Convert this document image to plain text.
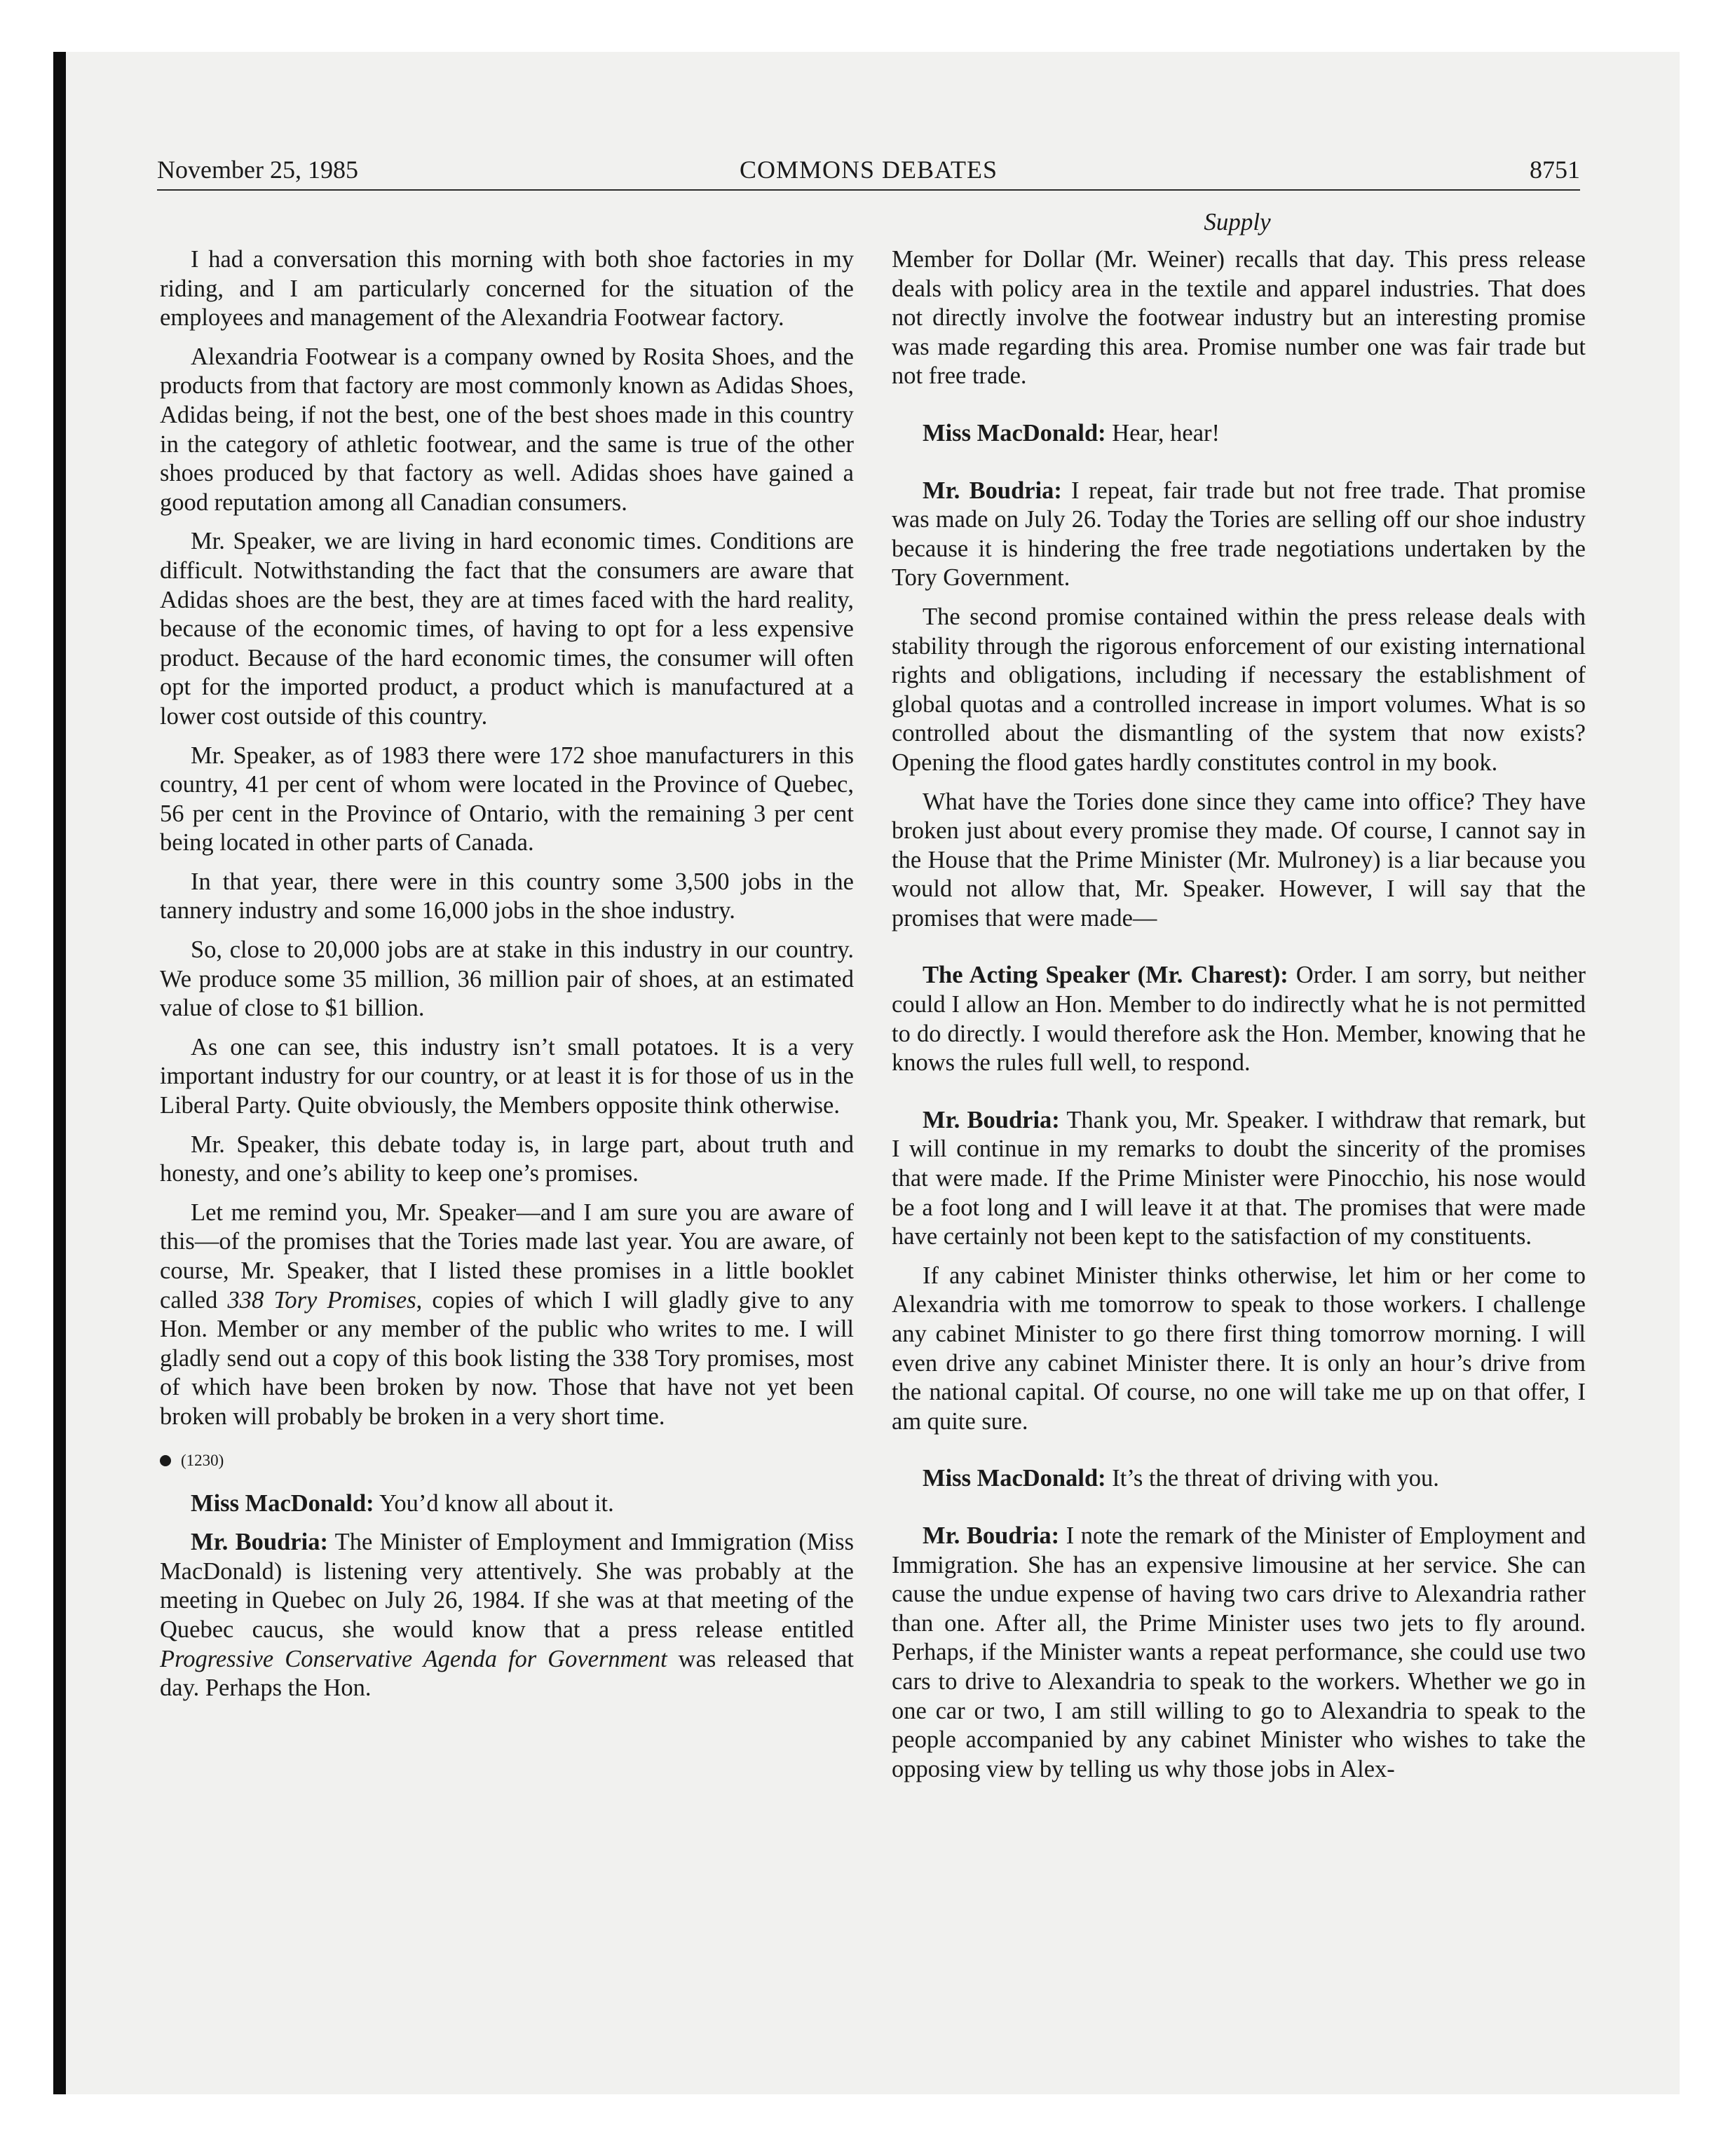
November 25, 1985	COMMONS DEBATES	8751
Supply

I had a conversation this morning with both shoe factories in my riding, and I am particularly concerned for the situation of the employees and management of the Alexandria Footwear factory.

Alexandria Footwear is a company owned by Rosita Shoes, and the products from that factory are most commonly known as Adidas Shoes, Adidas being, if not the best, one of the best shoes made in this country in the category of athletic footwear, and the same is true of the other shoes produced by that factory as well. Adidas shoes have gained a good reputation among all Canadian consumers.

Mr. Speaker, we are living in hard economic times. Conditions are difficult. Notwithstanding the fact that the consumers are aware that Adidas shoes are the best, they are at times faced with the hard reality, because of the economic times, of having to opt for a less expensive product. Because of the hard economic times, the consumer will often opt for the imported product, a product which is manufactured at a lower cost outside of this country.

Mr. Speaker, as of 1983 there were 172 shoe manufacturers in this country, 41 per cent of whom were located in the Province of Quebec, 56 per cent in the Province of Ontario, with the remaining 3 per cent being located in other parts of Canada.

In that year, there were in this country some 3,500 jobs in the tannery industry and some 16,000 jobs in the shoe industry.

So, close to 20,000 jobs are at stake in this industry in our country. We produce some 35 million, 36 million pair of shoes, at an estimated value of close to $1 billion.

As one can see, this industry isn’t small potatoes. It is a very important industry for our country, or at least it is for those of us in the Liberal Party. Quite obviously, the Members opposite think otherwise.

Mr. Speaker, this debate today is, in large part, about truth and honesty, and one’s ability to keep one’s promises.

Let me remind you, Mr. Speaker—and I am sure you are aware of this—of the promises that the Tories made last year. You are aware, of course, Mr. Speaker, that I listed these promises in a little booklet called 338 Tory Promises, copies of which I will gladly give to any Hon. Member or any member of the public who writes to me. I will gladly send out a copy of this book listing the 338 Tory promises, most of which have been broken by now. Those that have not yet been broken will probably be broken in a very short time.

(1230)

Miss MacDonald: You’d know all about it.

Mr. Boudria: The Minister of Employment and Immigration (Miss MacDonald) is listening very attentively. She was probably at the meeting in Quebec on July 26, 1984. If she was at that meeting of the Quebec caucus, she would know that a press release entitled Progressive Conservative Agenda for Government was released that day. Perhaps the Hon.

Member for Dollar (Mr. Weiner) recalls that day. This press release deals with policy area in the textile and apparel industries. That does not directly involve the footwear industry but an interesting promise was made regarding this area. Promise number one was fair trade but not free trade.

Miss MacDonald: Hear, hear!

Mr. Boudria: I repeat, fair trade but not free trade. That promise was made on July 26. Today the Tories are selling off our shoe industry because it is hindering the free trade negotiations undertaken by the Tory Government.

The second promise contained within the press release deals with stability through the rigorous enforcement of our existing international rights and obligations, including if necessary the establishment of global quotas and a controlled increase in import volumes. What is so controlled about the dismantling of the system that now exists? Opening the flood gates hardly constitutes control in my book.

What have the Tories done since they came into office? They have broken just about every promise they made. Of course, I cannot say in the House that the Prime Minister (Mr. Mulroney) is a liar because you would not allow that, Mr. Speaker. However, I will say that the promises that were made—

The Acting Speaker (Mr. Charest): Order. I am sorry, but neither could I allow an Hon. Member to do indirectly what he is not permitted to do directly. I would therefore ask the Hon. Member, knowing that he knows the rules full well, to respond.

Mr. Boudria: Thank you, Mr. Speaker. I withdraw that remark, but I will continue in my remarks to doubt the sincerity of the promises that were made. If the Prime Minister were Pinocchio, his nose would be a foot long and I will leave it at that. The promises that were made have certainly not been kept to the satisfaction of my constituents.

If any cabinet Minister thinks otherwise, let him or her come to Alexandria with me tomorrow to speak to those workers. I challenge any cabinet Minister to go there first thing tomorrow morning. I will even drive any cabinet Minister there. It is only an hour’s drive from the national capital. Of course, no one will take me up on that offer, I am quite sure.

Miss MacDonald: It’s the threat of driving with you.

Mr. Boudria: I note the remark of the Minister of Employment and Immigration. She has an expensive limousine at her service. She can cause the undue expense of having two cars drive to Alexandria rather than one. After all, the Prime Minister uses two jets to fly around. Perhaps, if the Minister wants a repeat performance, she could use two cars to drive to Alexandria to speak to the workers. Whether we go in one car or two, I am still willing to go to Alexandria to speak to the people accompanied by any cabinet Minister who wishes to take the opposing view by telling us why those jobs in Alex-
